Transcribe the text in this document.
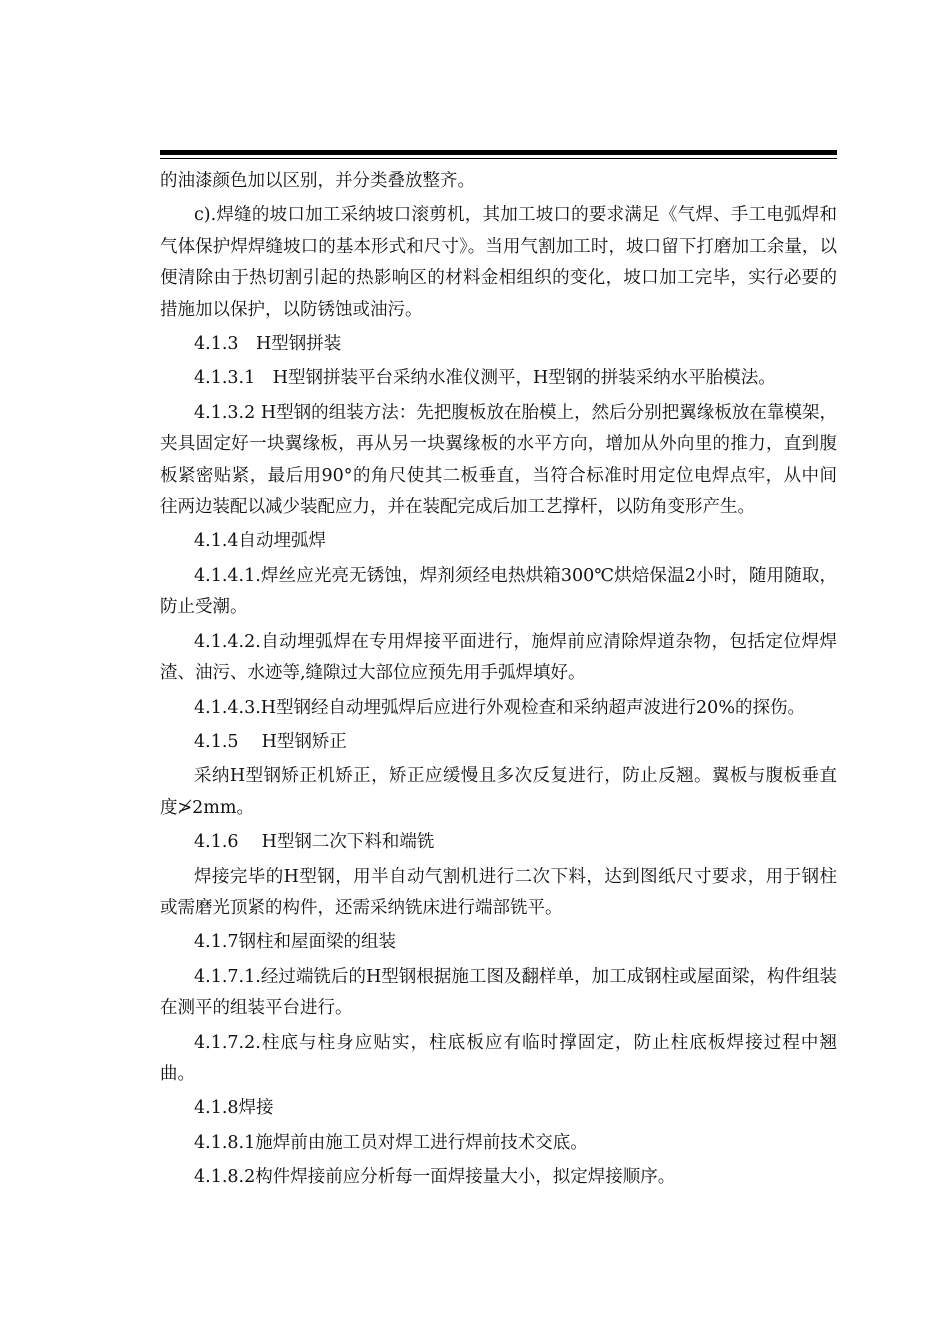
的油漆颜色加以区别，并分类叠放整齐。

c).焊缝的坡口加工采纳坡口滚剪机，其加工坡口的要求满足《气焊、手工电弧焊和气体保护焊焊缝坡口的基本形式和尺寸》。当用气割加工时，坡口留下打磨加工余量，以便清除由于热切割引起的热影响区的材料金相组织的变化，坡口加工完毕，实行必要的措施加以保护，以防锈蚀或油污。

4.1.3　H型钢拼装

4.1.3.1　H型钢拼装平台采纳水准仪测平，H型钢的拼装采纳水平胎模法。

4.1.3.2 H型钢的组装方法：先把腹板放在胎模上，然后分别把翼缘板放在靠模架，夹具固定好一块翼缘板，再从另一块翼缘板的水平方向，增加从外向里的推力，直到腹板紧密贴紧，最后用90°的角尺使其二板垂直，当符合标准时用定位电焊点牢，从中间往两边装配以减少装配应力，并在装配完成后加工艺撑杆，以防角变形产生。

4.1.4自动埋弧焊

4.1.4.1.焊丝应光亮无锈蚀，焊剂须经电热烘箱300℃烘焙保温2小时，随用随取，防止受潮。

4.1.4.2.自动埋弧焊在专用焊接平面进行，施焊前应清除焊道杂物，包括定位焊焊渣、油污、水迹等,缝隙过大部位应预先用手弧焊填好。

4.1.4.3.H型钢经自动埋弧焊后应进行外观检查和采纳超声波进行20%的探伤。

4.1.5　 H型钢矫正

采纳H型钢矫正机矫正，矫正应缓慢且多次反复进行，防止反翘。翼板与腹板垂直度≯2mm。

4.1.6　 H型钢二次下料和端铣

焊接完毕的H型钢，用半自动气割机进行二次下料，达到图纸尺寸要求，用于钢柱或需磨光顶紧的构件，还需采纳铣床进行端部铣平。

4.1.7钢柱和屋面梁的组装

4.1.7.1.经过端铣后的H型钢根据施工图及翻样单，加工成钢柱或屋面梁，构件组装在测平的组装平台进行。

4.1.7.2.柱底与柱身应贴实，柱底板应有临时撑固定，防止柱底板焊接过程中翘曲。

4.1.8焊接

4.1.8.1施焊前由施工员对焊工进行焊前技术交底。

4.1.8.2构件焊接前应分析每一面焊接量大小，拟定焊接顺序。
